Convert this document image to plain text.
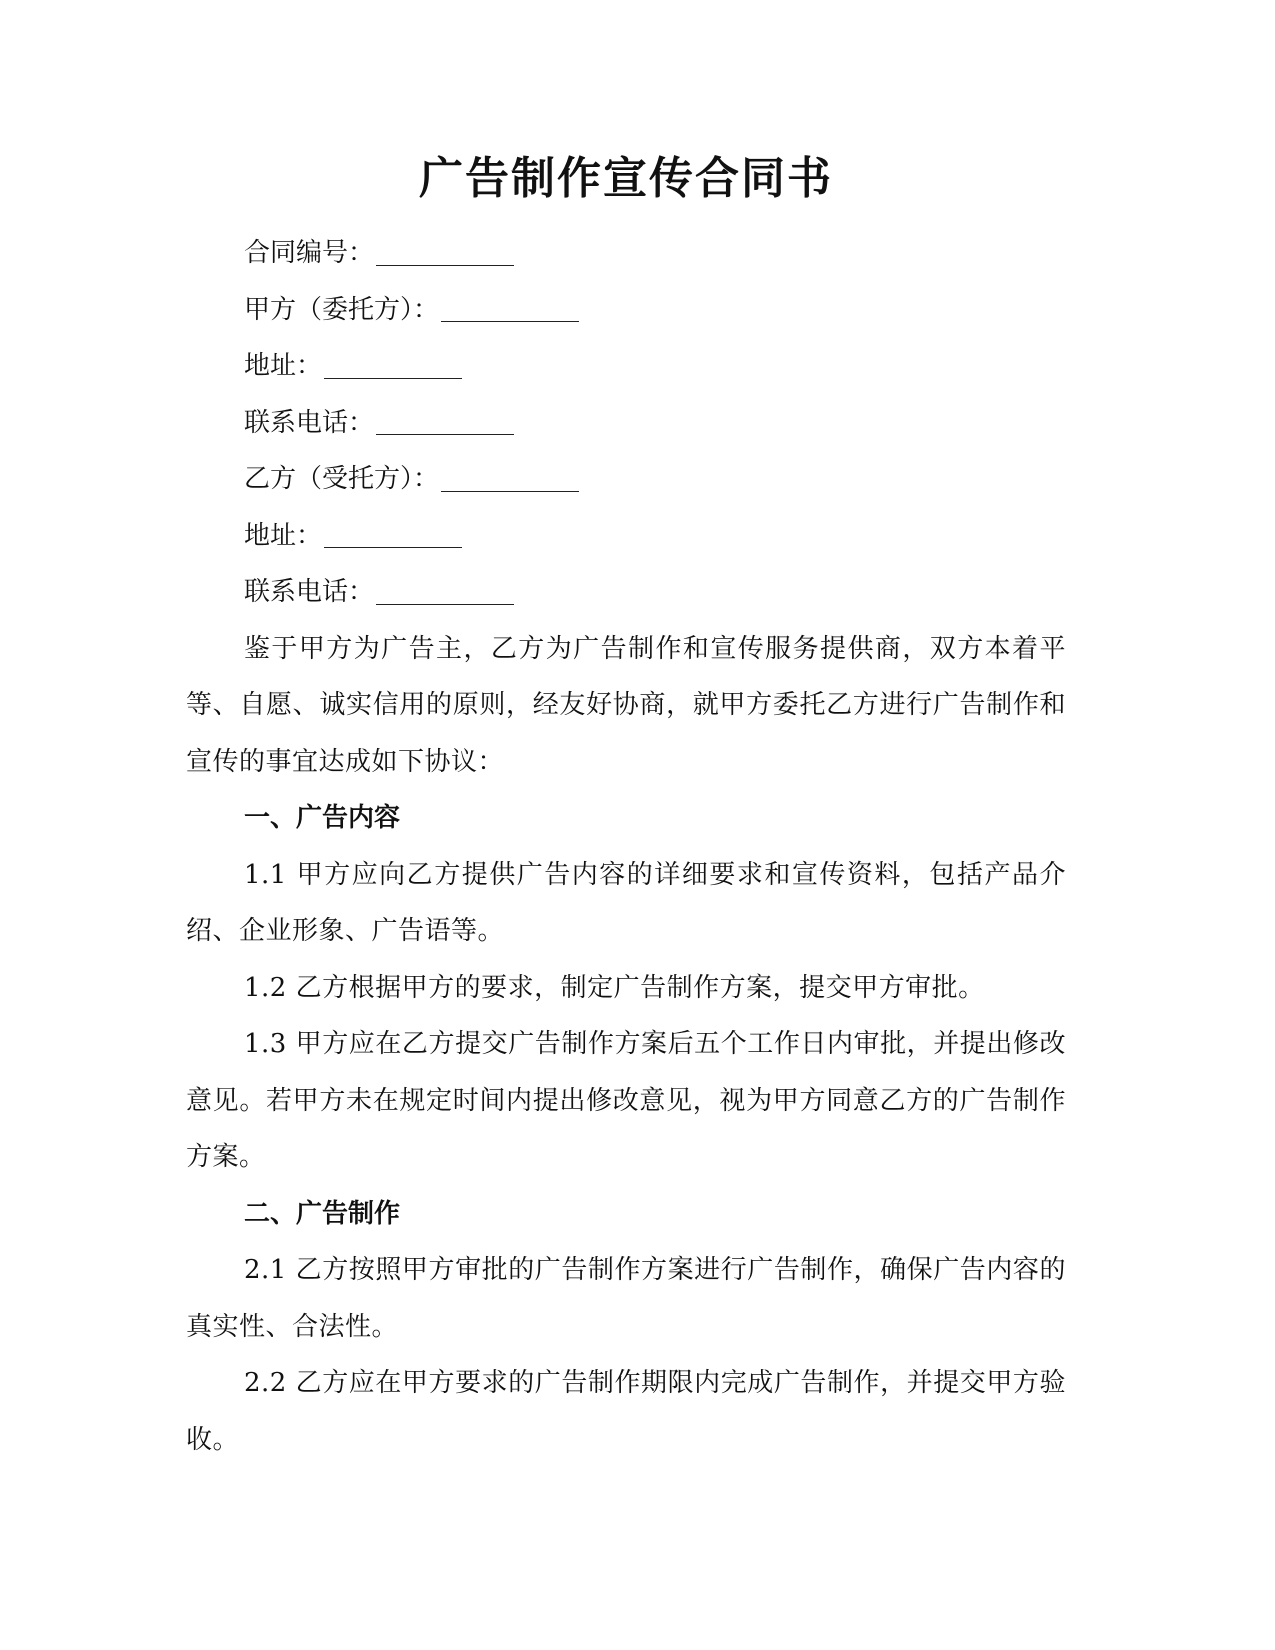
广告制作宣传合同书
合同编号：
甲方（委托方）：
地址：
联系电话：
乙方（受托方）：
地址：
联系电话：

鉴于甲方为广告主，乙方为广告制作和宣传服务提供商，双方本着平等、自愿、诚实信用的原则，经友好协商，就甲方委托乙方进行广告制作和宣传的事宜达成如下协议：

一、广告内容

1.1 甲方应向乙方提供广告内容的详细要求和宣传资料，包括产品介绍、企业形象、广告语等。

1.2 乙方根据甲方的要求，制定广告制作方案，提交甲方审批。

1.3 甲方应在乙方提交广告制作方案后五个工作日内审批，并提出修改意见。若甲方未在规定时间内提出修改意见，视为甲方同意乙方的广告制作方案。

二、广告制作

2.1 乙方按照甲方审批的广告制作方案进行广告制作，确保广告内容的真实性、合法性。

2.2 乙方应在甲方要求的广告制作期限内完成广告制作，并提交甲方验收。
